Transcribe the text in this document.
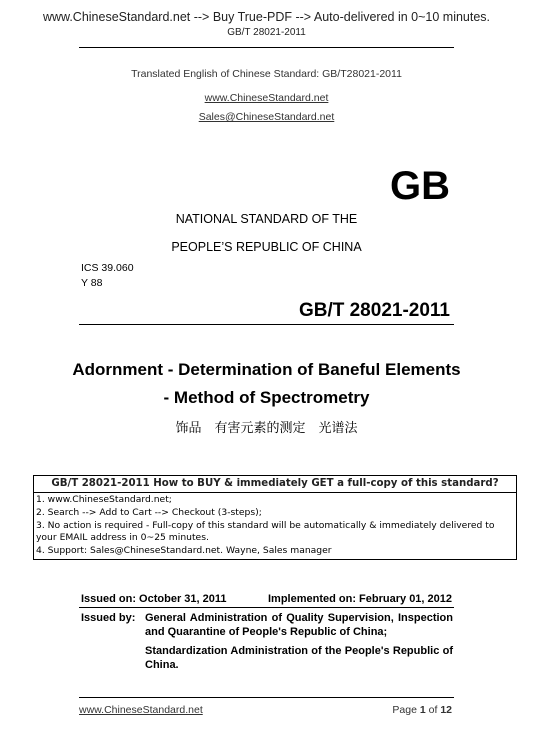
www.ChineseStandard.net --> Buy True-PDF --> Auto-delivered in 0~10 minutes.
GB/T 28021-2011
Translated English of Chinese Standard: GB/T28021-2011
www.ChineseStandard.net
Sales@ChineseStandard.net
GB
NATIONAL STANDARD OF THE
PEOPLE’S REPUBLIC OF CHINA
ICS 39.060
Y 88
GB/T 28021-2011
Adornment - Determination of Baneful Elements
- Method of Spectrometry
饰品　有害元素的测定　光谱法
GB/T 28021-2011 How to BUY & immediately GET a full-copy of this standard?
1. www.ChineseStandard.net;
2. Search --> Add to Cart --> Checkout (3-steps);
3. No action is required - Full-copy of this standard will be automatically & immediately delivered to
your EMAIL address in 0~25 minutes.
4. Support: Sales@ChineseStandard.net. Wayne, Sales manager
Issued on: October 31, 2011	Implemented on: February 01, 2012
Issued by: General Administration of Quality Supervision, Inspection and Quarantine of People's Republic of China;
Standardization Administration of the People's Republic of China.
www.ChineseStandard.net	Page 1 of 12
